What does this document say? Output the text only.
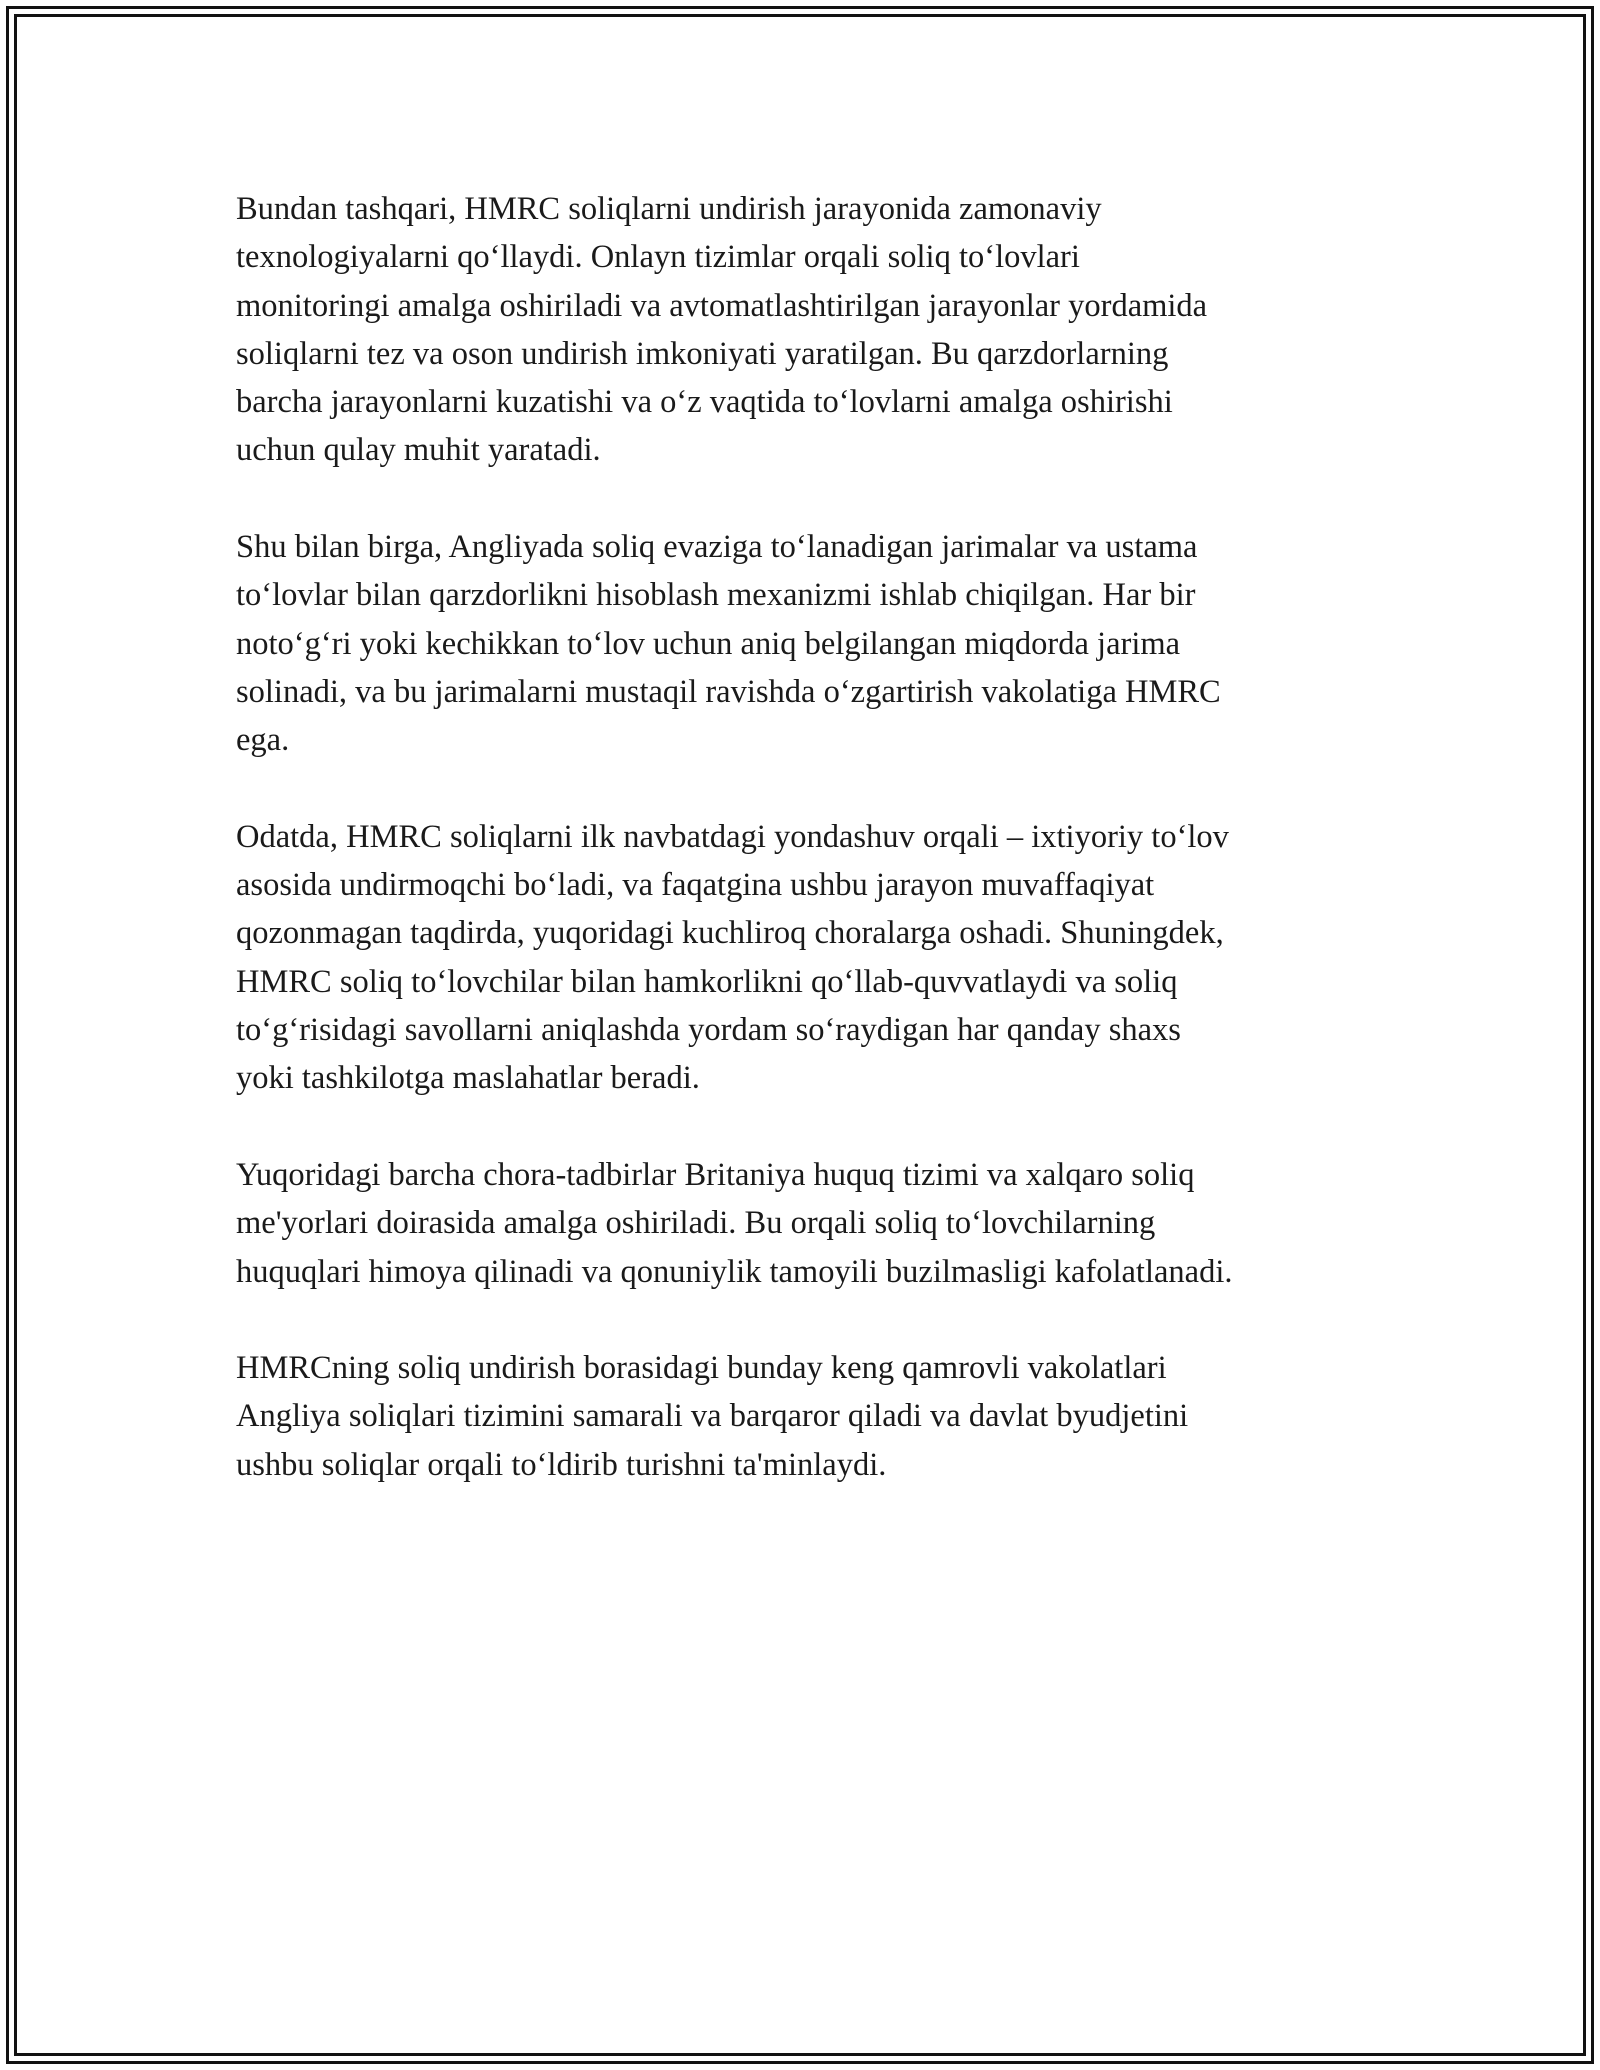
Bundan tashqari, HMRC soliqlarni undirish jarayonida zamonaviy
texnologiyalarni qo‘llaydi. Onlayn tizimlar orqali soliq to‘lovlari
monitoringi amalga oshiriladi va avtomatlashtirilgan jarayonlar yordamida
soliqlarni tez va oson undirish imkoniyati yaratilgan. Bu qarzdorlarning
barcha jarayonlarni kuzatishi va o‘z vaqtida to‘lovlarni amalga oshirishi
uchun qulay muhit yaratadi.

Shu bilan birga, Angliyada soliq evaziga to‘lanadigan jarimalar va ustama
to‘lovlar bilan qarzdorlikni hisoblash mexanizmi ishlab chiqilgan. Har bir
noto‘g‘ri yoki kechikkan to‘lov uchun aniq belgilangan miqdorda jarima
solinadi, va bu jarimalarni mustaqil ravishda o‘zgartirish vakolatiga HMRC
ega.

Odatda, HMRC soliqlarni ilk navbatdagi yondashuv orqali – ixtiyoriy to‘lov
asosida undirmoqchi bo‘ladi, va faqatgina ushbu jarayon muvaffaqiyat
qozonmagan taqdirda, yuqoridagi kuchliroq choralarga oshadi. Shuningdek,
HMRC soliq to‘lovchilar bilan hamkorlikni qo‘llab-quvvatlaydi va soliq
to‘g‘risidagi savollarni aniqlashda yordam so‘raydigan har qanday shaxs
yoki tashkilotga maslahatlar beradi.

Yuqoridagi barcha chora-tadbirlar Britaniya huquq tizimi va xalqaro soliq
me'yorlari doirasida amalga oshiriladi. Bu orqali soliq to‘lovchilarning
huquqlari himoya qilinadi va qonuniylik tamoyili buzilmasligi kafolatlanadi.

HMRCning soliq undirish borasidagi bunday keng qamrovli vakolatlari
Angliya soliqlari tizimini samarali va barqaror qiladi va davlat byudjetini
ushbu soliqlar orqali to‘ldirib turishni ta'minlaydi.
